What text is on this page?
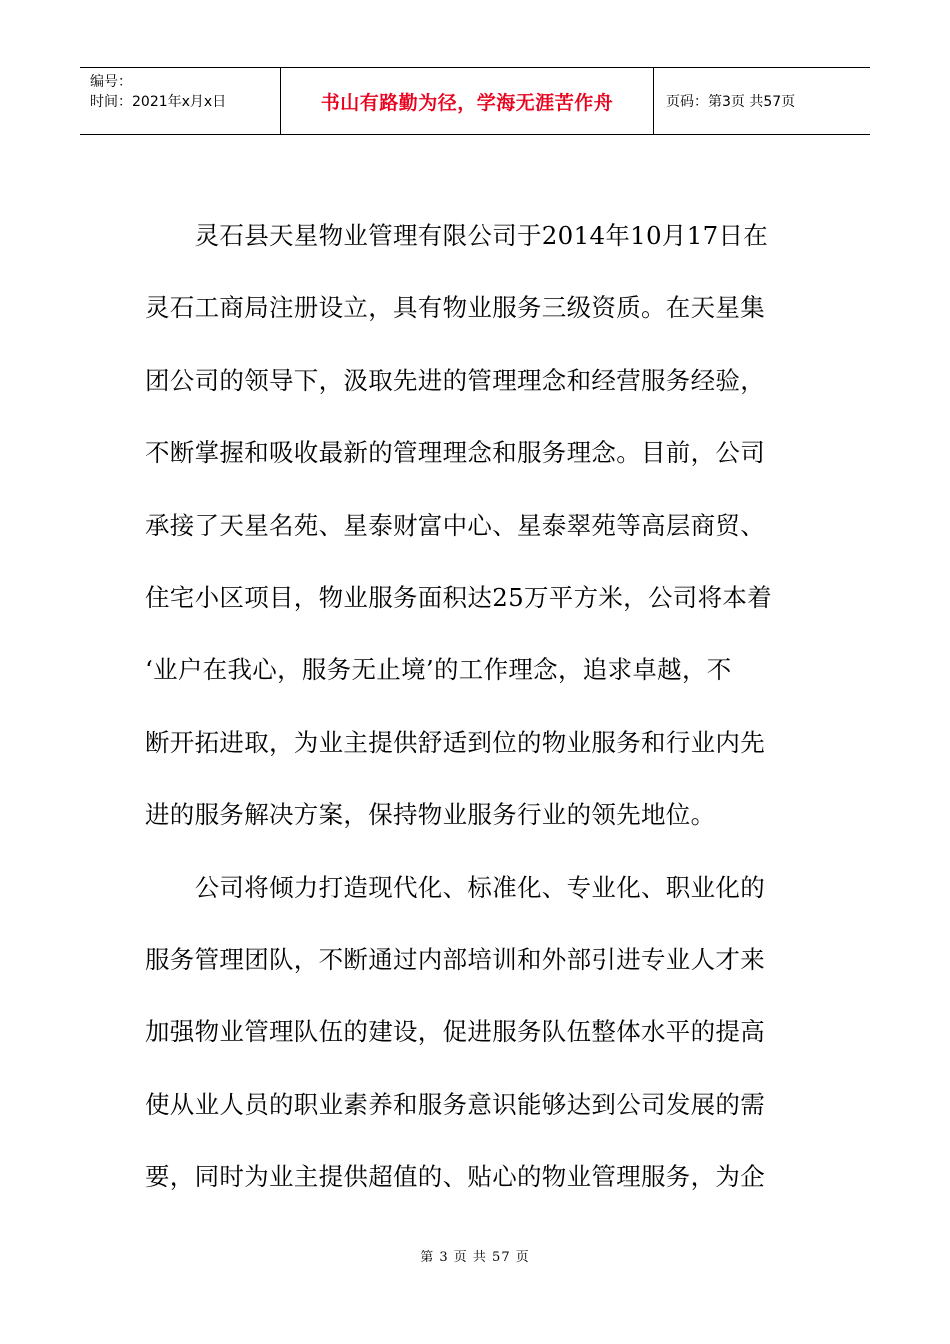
编号：
时间：2021年x月x日	书山有路勤为径，学海无涯苦作舟	页码：第3页 共57页

　　灵石县天星物业管理有限公司于2014年10月17日在

灵石工商局注册设立，具有物业服务三级资质。在天星集

团公司的领导下，汲取先进的管理理念和经营服务经验，

不断掌握和吸收最新的管理理念和服务理念。目前，公司

承接了天星名苑、星泰财富中心、星泰翠苑等高层商贸、

住宅小区项目，物业服务面积达25万平方米，公司将本着

‘业户在我心，服务无止境’的工作理念，追求卓越，不

断开拓进取，为业主提供舒适到位的物业服务和行业内先

进的服务解决方案，保持物业服务行业的领先地位。

　　公司将倾力打造现代化、标准化、专业化、职业化的

服务管理团队，不断通过内部培训和外部引进专业人才来

加强物业管理队伍的建设，促进服务队伍整体水平的提高

使从业人员的职业素养和服务意识能够达到公司发展的需

要，同时为业主提供超值的、贴心的物业管理服务，为企

第 3 页 共 57 页
